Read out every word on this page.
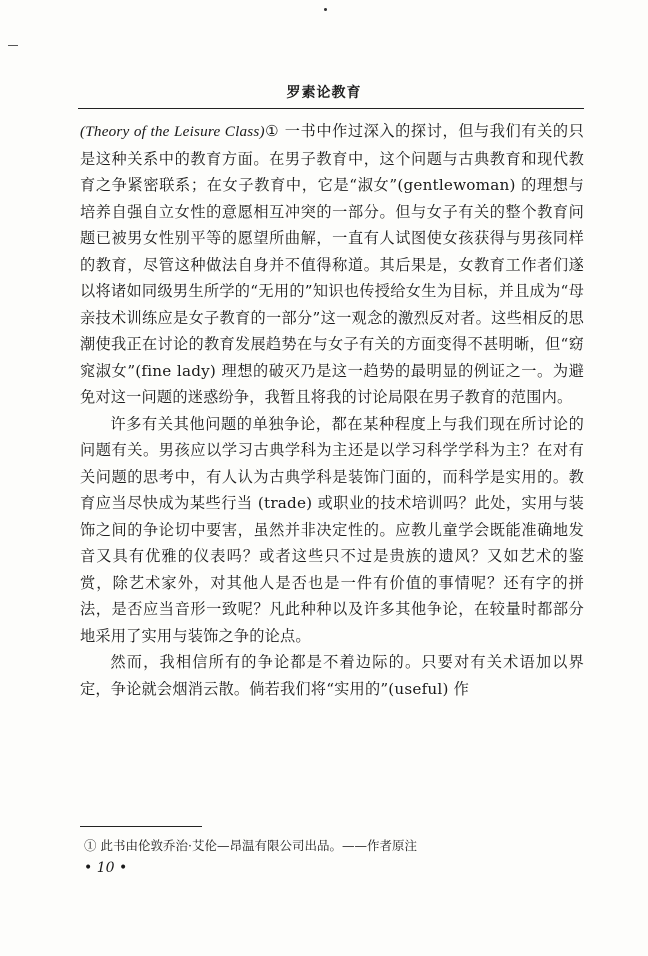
罗素论教育

(Theory of the Leisure Class)① 一书中作过深入的探讨，但与我们有关的只是这种关系中的教育方面。在男子教育中，这个问题与古典教育和现代教育之争紧密联系；在女子教育中，它是“淑女”(gentlewoman) 的理想与培养自强自立女性的意愿相互冲突的一部分。但与女子有关的整个教育问题已被男女性别平等的愿望所曲解，一直有人试图使女孩获得与男孩同样的教育，尽管这种做法自身并不值得称道。其后果是，女教育工作者们遂以将诸如同级男生所学的“无用的”知识也传授给女生为目标，并且成为“母亲技术训练应是女子教育的一部分”这一观念的激烈反对者。这些相反的思潮使我正在讨论的教育发展趋势在与女子有关的方面变得不甚明晰，但“窈窕淑女”(fine lady) 理想的破灭乃是这一趋势的最明显的例证之一。为避免对这一问题的迷惑纷争，我暂且将我的讨论局限在男子教育的范围内。

许多有关其他问题的单独争论，都在某种程度上与我们现在所讨论的问题有关。男孩应以学习古典学科为主还是以学习科学学科为主？在对有关问题的思考中，有人认为古典学科是装饰门面的，而科学是实用的。教育应当尽快成为某些行当 (trade) 或职业的技术培训吗？此处，实用与装饰之间的争论切中要害，虽然并非决定性的。应教儿童学会既能准确地发音又具有优雅的仪表吗？或者这些只不过是贵族的遗风？又如艺术的鉴赏，除艺术家外，对其他人是否也是一件有价值的事情呢？还有字的拼法，是否应当音形一致呢？凡此种种以及许多其他争论，在较量时都部分地采用了实用与装饰之争的论点。

然而，我相信所有的争论都是不着边际的。只要对有关术语加以界定，争论就会烟消云散。倘若我们将“实用的”(useful) 作

① 此书由伦敦乔治·艾伦—昂温有限公司出品。——作者原注
• 10 •
